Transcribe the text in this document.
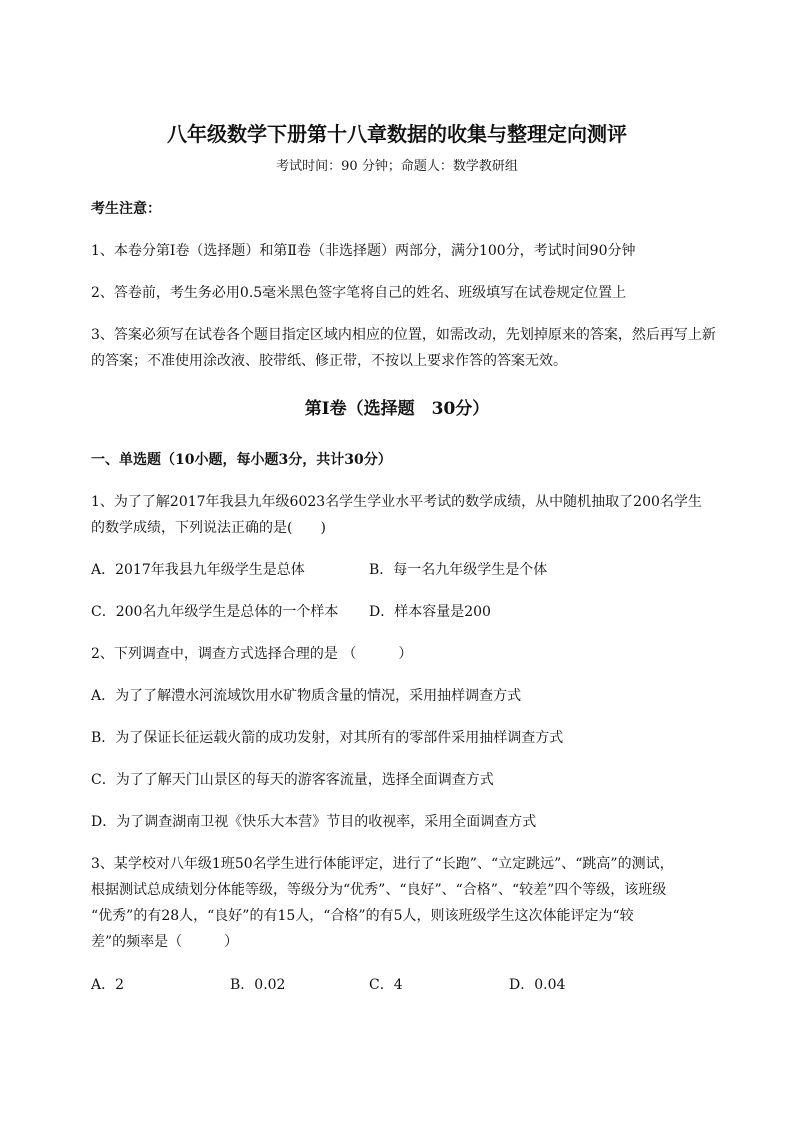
八年级数学下册第十八章数据的收集与整理定向测评
考试时间：90 分钟；命题人：数学教研组
考生注意：
1、本卷分第Ⅰ卷（选择题）和第Ⅱ卷（非选择题）两部分，满分100分，考试时间90分钟
2、答卷前，考生务必用0.5毫米黑色签字笔将自己的姓名、班级填写在试卷规定位置上
3、答案必须写在试卷各个题目指定区域内相应的位置，如需改动，先划掉原来的答案，然后再写上新
的答案；不准使用涂改液、胶带纸、修正带，不按以上要求作答的答案无效。
第Ⅰ卷（选择题　30分）
一、单选题（10小题，每小题3分，共计30分）
1、为了了解2017年我县九年级6023名学生学业水平考试的数学成绩，从中随机抽取了200名学生
的数学成绩，下列说法正确的是(　　)
A．2017年我县九年级学生是总体	B．每一名九年级学生是个体
C．200名九年级学生是总体的一个样本 D．样本容量是200
2、下列调查中，调查方式选择合理的是 （　　　）
A．为了了解澧水河流域饮用水矿物质含量的情况，采用抽样调查方式
B．为了保证长征运载火箭的成功发射，对其所有的零部件采用抽样调查方式
C．为了了解天门山景区的每天的游客客流量，选择全面调查方式
D．为了调查湖南卫视《快乐大本营》节目的收视率，采用全面调查方式
3、某学校对八年级1班50名学生进行体能评定，进行了“长跑”、“立定跳远”、“跳高”的测试，
根据测试总成绩划分体能等级，等级分为“优秀”、“良好”、“合格”、“较差”四个等级，该班级
“优秀”的有28人，“良好”的有15人，“合格”的有5人，则该班级学生这次体能评定为“较
差”的频率是（　　　）
A．2	B．0.02	C．4	D．0.04
